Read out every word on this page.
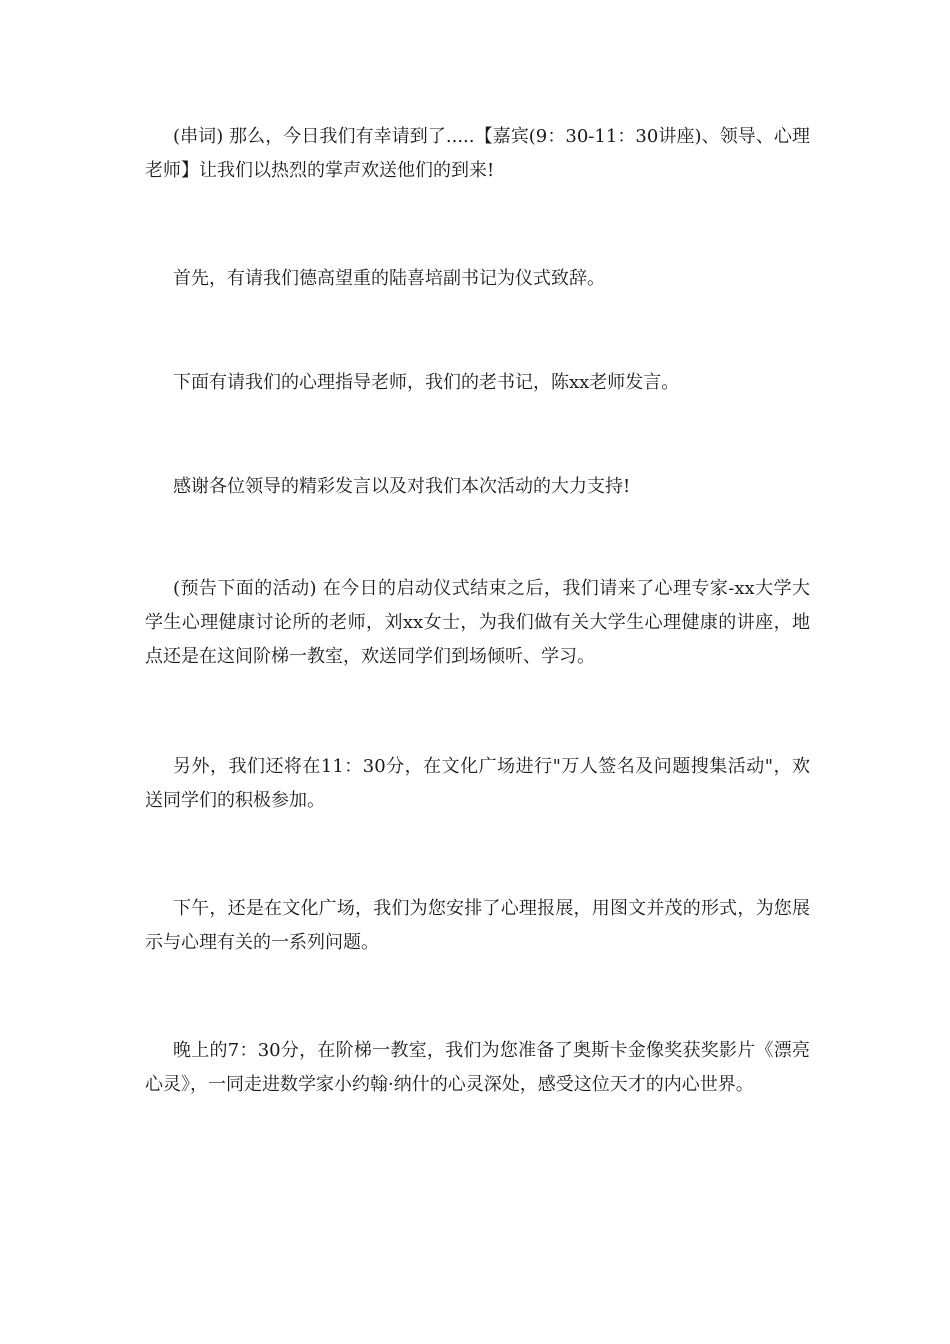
(串词) 那么，今日我们有幸请到了.....【嘉宾(9：30-11：30讲座)、领导、心理老师】让我们以热烈的掌声欢送他们的到来!

首先，有请我们德高望重的陆喜培副书记为仪式致辞。

下面有请我们的心理指导老师，我们的老书记，陈xx老师发言。

感谢各位领导的精彩发言以及对我们本次活动的大力支持!

(预告下面的活动) 在今日的启动仪式结束之后，我们请来了心理专家-xx大学大学生心理健康讨论所的老师，刘xx女士，为我们做有关大学生心理健康的讲座，地点还是在这间阶梯一教室，欢送同学们到场倾听、学习。

另外，我们还将在11：30分，在文化广场进行"万人签名及问题搜集活动"，欢送同学们的积极参加。

下午，还是在文化广场，我们为您安排了心理报展，用图文并茂的形式，为您展示与心理有关的一系列问题。

晚上的7：30分，在阶梯一教室，我们为您准备了奥斯卡金像奖获奖影片《漂亮心灵》，一同走进数学家小约翰·纳什的心灵深处，感受这位天才的内心世界。
